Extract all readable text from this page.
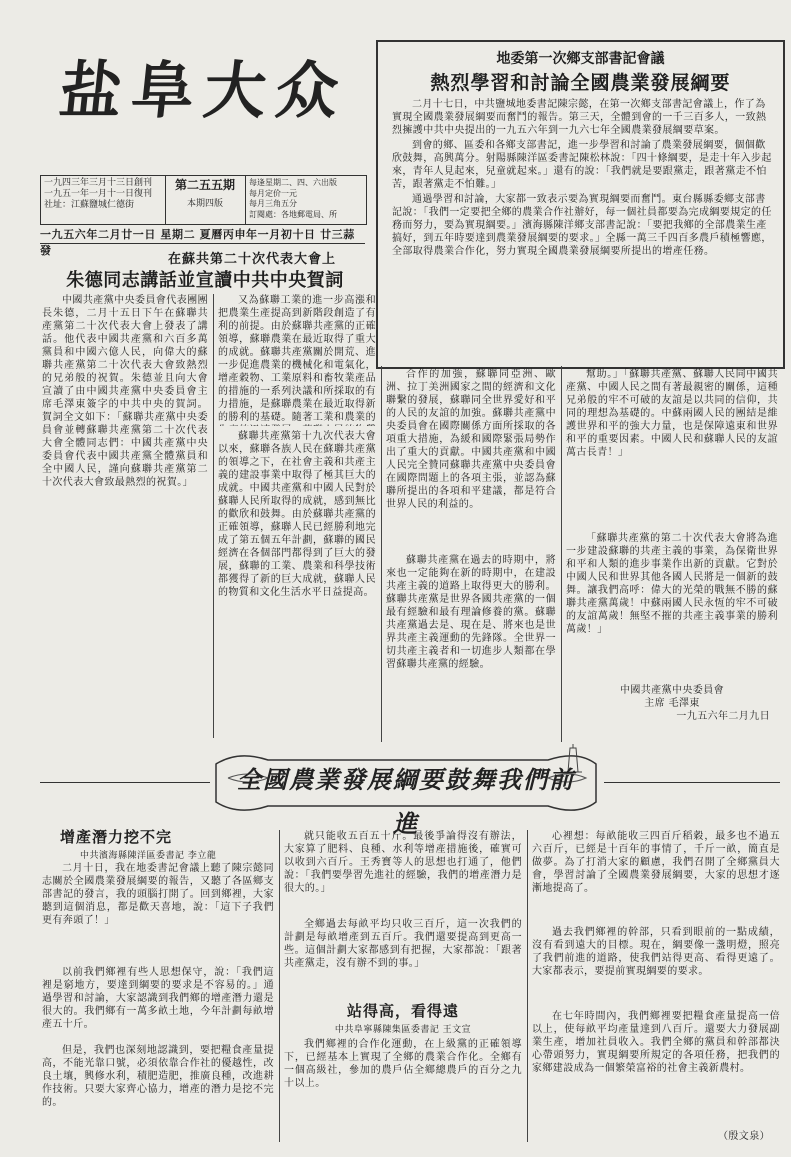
盐阜大众
一九四三年三月十三日創刊
一九五一年一月十一日復刊
社址：江蘇鹽城仁德街
第二五五期
本期四版
每逢星期二、四、六出版
每月定价一元
每月三角五分
訂閱處：各地郵電局、所
一九五六年二月廿一日 星期二 夏曆丙申年一月初十日 廿三蒜發
地委第一次鄉支部書記會議
熱烈學習和討論全國農業發展綱要

二月十七日，中共鹽城地委書記陳宗懿，在第一次鄉支部書記會議上，作了為實現全國農業發展綱要而奮鬥的報告。第三天，全體到會的一千三百多人，一致熱烈擁護中共中央提出的一九五六年到一九六七年全國農業發展綱要草案。

到會的鄉、區委和各鄉支部書記，進一步學習和討論了農業發展綱要，個個歡欣鼓舞，高興萬分。射陽縣陳洋區委書記陳松林說：「四十條綱要，是走十年入步起來，青年人見起來，兒童就起來。」還有的說：「我們就是要跟黨走，跟著黨走不怕苦，跟著黨走不怕難。」

通過學習和討論，大家都一致表示要為實現綱要而奮鬥。東台縣縣委鄉支部書記說：「我們一定要把全鄉的農業合作社辦好，每一個社員都要為完成綱要規定的任務而努力，要為實現綱要。」濱海縣陳洋鄉支部書記說：「要把我鄉的全部農業生產搞好，到五年時要達到農業發展綱要的要求。」全縣一萬三千四百多農戶積極響應，全部取得農業合作化，努力實現全國農業發展綱要所提出的增產任務。

在蘇共第二十次代表大會上
朱德同志講話並宣讀中共中央賀詞
中國共產黨中央委員會代表團團長朱德，二月十五日下午在蘇聯共產黨第二十次代表大會上發表了講話。他代表中國共產黨和六百多萬黨員和中國六億人民，向偉大的蘇聯共產黨第二十次代表大會致熱烈的兄弟般的祝賀。朱德並且向大會宣讀了由中國共產黨中央委員會主席毛澤東簽字的中共中央的賀詞。賀詞全文如下：「蘇聯共產黨中央委員會並轉蘇聯共產黨第二十次代表大會全體同志們：中國共產黨中央委員會代表中國共產黨全體黨員和全中國人民，謹向蘇聯共產黨第二十次代表大會致最熱烈的祝賀。」
又為蘇聯工業的進一步高漲和把農業生產提高到新階段創造了有利的前提。由於蘇聯共產黨的正確領導，蘇聯農業在最近取得了重大的成就。蘇聯共產黨關於開荒、進一步促進農業的機械化和電氣化，增產穀物、工業原料和畜牧業產品的措施的一系列決議和所採取的有力措施，是蘇聯農業在最近取得新的勝利的基礎。隨著工業和農業的
蘇聯共產黨第十九次代表大會以來，蘇聯各族人民在蘇聯共產黨的領導之下，在社會主義和共產主義的建設事業中取得了極其巨大的成就。中國共產黨和中國人民對於蘇聯人民所取得的成就，感到無比的歡欣和鼓舞。由於蘇聯共產黨的正確領導，蘇聯人民已經勝利地完成了第五個五年計劃，蘇聯的國民經濟在各個部門都得到了巨大的發展，蘇聯的工業、農業和科學技術都獲得了新的巨大成就，蘇聯人民的物質和文化生活水平日益提高。
合作的加強，蘇聯同亞洲、歐洲、拉丁美洲國家之間的經濟和文化聯繫的發展，蘇聯同全世界愛好和平的人民的友誼的加強。蘇聯共產黨中央委員會在國際關係方面所採取的各項重大措施，為緩和國際緊張局勢作出了重大的貢獻。中國共產黨和中國人民完全贊同蘇聯共產黨中央委員會在國際問題上的各項主張，並認為蘇聯所提出的各項和平建議，都是符合世界人民的利益的。
蘇聯共產黨在過去的時期中，將來也一定能夠在新的時期中，在建設共產主義的道路上取得更大的勝利。蘇聯共產黨是世界各國共產黨的一個最有經驗和最有理論修養的黨。蘇聯共產黨過去是、現在是、將來也是世界共產主義運動的先鋒隊。全世界一切共產主義者和一切進步人類都在學習蘇聯共產黨的經驗。
幫助。」「蘇聯共產黨、蘇聯人民同中國共產黨、中國人民之間有著最親密的關係，這種兄弟般的牢不可破的友誼是以共同的信仰，共同的理想為基礎的。中蘇兩國人民的團結是維護世界和平的強大力量，也是保障遠東和世界和平的重要因素。中國人民和蘇聯人民的友誼萬古長青！」
「蘇聯共產黨的第二十次代表大會將為進一步建設蘇聯的共產主義的事業，為保衛世界和平和人類的進步事業作出新的貢獻。它對於中國人民和世界其他各國人民將是一個新的鼓舞。讓我們高呼：偉大的光榮的戰無不勝的蘇聯共產黨萬歲！中蘇兩國人民永恆的牢不可破的友誼萬歲！無堅不摧的共產主義事業的勝利萬歲！」
中國共產黨中央委員會
主席 毛澤東
一九五六年二月九日
全國農業發展綱要鼓舞我們前進
增產潛力挖不完
中共濱海縣陳洋區委書記 李立龍
二月十日，我在地委書記會議上聽了陳宗懿同志關於全國農業發展綱要的報告，又聽了各區鄉支部書記的發言，我的頭腦打開了。回到鄉裡，大家聽到這個消息，都是歡天喜地，說：「這下子我們更有奔頭了！」
以前我們鄉裡有些人思想保守，說：「我們這裡是窮地方，要達到綱要的要求是不容易的。」通過學習和討論，大家認識到我們鄉的增產潛力還是很大的。我們鄉有一萬多畝土地，今年計劃每畝增產五十斤。
但是，我們也深刻地認識到，要把糧食產量提高，不能光靠口號，必須依靠合作社的優越性，改良土壤，興修水利，積肥造肥，推廣良種，改進耕作技術。只要大家齊心協力，增產的潛力是挖不完的。
就只能收五百五十斤。最後爭論得沒有辦法，大家算了肥料、良種、水利等增產措施後，確實可以收到六百斤。王秀寶等人的思想也打通了，他們說：「我們要學習先進社的經驗，我們的增產潛力是很大的。」
全鄉過去每畝平均只收三百斤，這一次我們的計劃是每畝增產到五百斤。我們還要提高到更高一些。這個計劃大家都感到有把握，大家都說：「跟著共產黨走，沒有辦不到的事。」
站得高，看得遠
中共阜寧縣陳集區委書記 王文宣
我們鄉裡的合作化運動，在上級黨的正確領導下，已經基本上實現了全鄉的農業合作化。全鄉有一個高級社，參加的農戶佔全鄉總農戶的百分之九十以上。
心裡想：每畝能收三四百斤稻穀，最多也不過五六百斤，已經是十百年的事情了，千斤一畝，簡直是做夢。為了打消大家的顧慮，我們召開了全鄉黨員大會，學習討論了全國農業發展綱要，大家的思想才逐漸地提高了。
過去我們鄉裡的幹部，只看到眼前的一點成績，沒有看到遠大的目標。現在，綱要像一盞明燈，照亮了我們前進的道路，使我們站得更高、看得更遠了。大家都表示，要提前實現綱要的要求。
在七年時間內，我們鄉裡要把糧食產量提高一倍以上，使每畝平均產量達到八百斤。還要大力發展副業生產，增加社員收入。我們全鄉的黨員和幹部都決心帶頭努力，實現綱要所規定的各項任務，把我們的家鄉建設成為一個繁榮富裕的社會主義新農村。
（殷文泉）
